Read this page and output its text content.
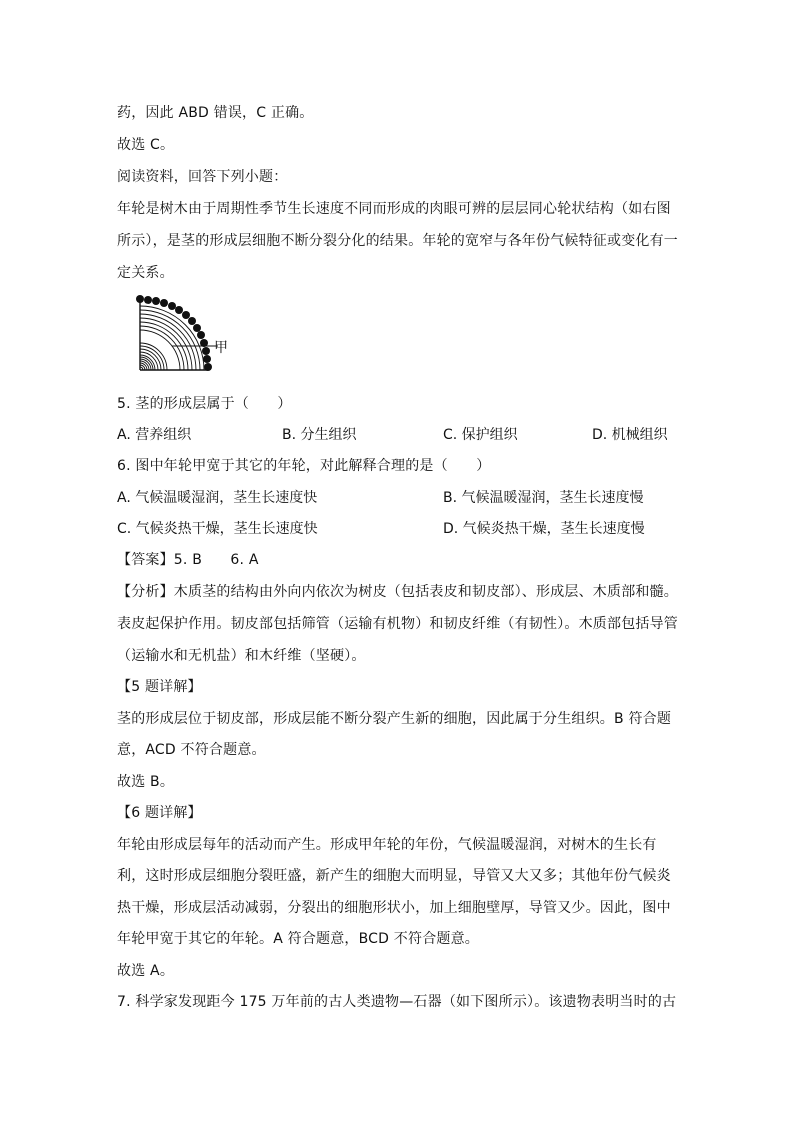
药，因此 ABD 错误，C 正确。
故选 C。
阅读资料，回答下列小题：
年轮是树木由于周期性季节生长速度不同而形成的肉眼可辨的层层同心轮状结构（如右图
所示），是茎的形成层细胞不断分裂分化的结果。年轮的宽窄与各年份气候特征或变化有一
定关系。
甲
5. 茎的形成层属于（　　）
A. 营养组织	B. 分生组织	C. 保护组织	D. 机械组织
6. 图中年轮甲宽于其它的年轮，对此解释合理的是（　　）
A. 气候温暖湿润，茎生长速度快	B. 气候温暖湿润，茎生长速度慢
C. 气候炎热干燥，茎生长速度快	D. 气候炎热干燥，茎生长速度慢
【答案】5. B　　6. A
【分析】木质茎的结构由外向内依次为树皮（包括表皮和韧皮部）、形成层、木质部和髓。
表皮起保护作用。韧皮部包括筛管（运输有机物）和韧皮纤维（有韧性）。木质部包括导管
（运输水和无机盐）和木纤维（坚硬）。
【5 题详解】
茎的形成层位于韧皮部，形成层能不断分裂产生新的细胞，因此属于分生组织。B 符合题
意，ACD 不符合题意。
故选 B。
【6 题详解】
年轮由形成层每年的活动而产生。形成甲年轮的年份，气候温暖湿润，对树木的生长有
利，这时形成层细胞分裂旺盛，新产生的细胞大而明显，导管又大又多；其他年份气候炎
热干燥，形成层活动减弱，分裂出的细胞形状小，加上细胞壁厚，导管又少。因此，图中
年轮甲宽于其它的年轮。A 符合题意，BCD 不符合题意。
故选 A。
7. 科学家发现距今 175 万年前的古人类遗物—石器（如下图所示）。该遗物表明当时的古
